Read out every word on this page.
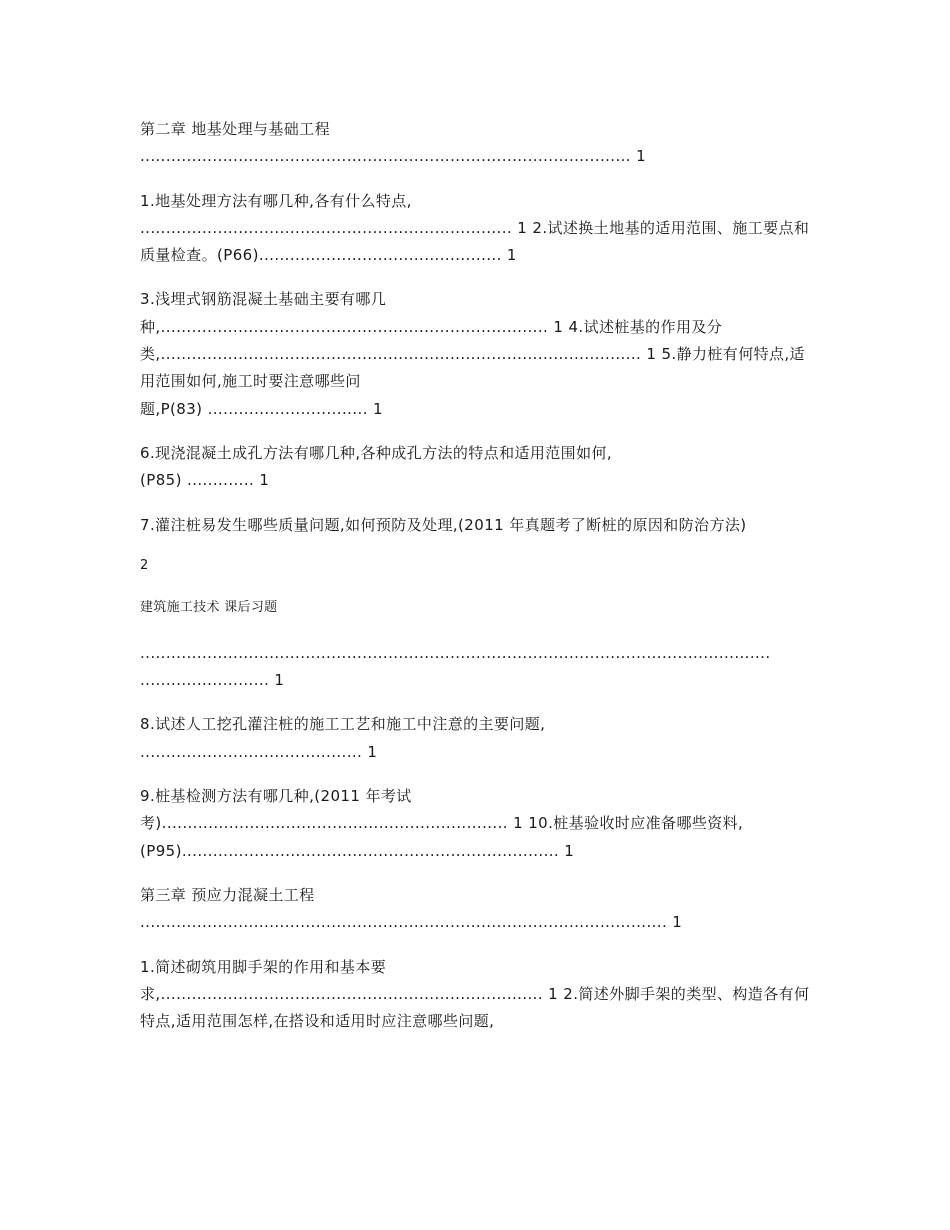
第二章 地基处理与基础工程
............................................................................................... 1

1.地基处理方法有哪几种,各有什么特点,
........................................................................ 1 2.试述换土地基的适用范围、施工要点和质量检查。(P66)............................................... 1

3.浅埋式钢筋混凝土基础主要有哪几
种,........................................................................... 1 4.试述桩基的作用及分类,............................................................................................. 1 5.静力桩有何特点,适用范围如何,施工时要注意哪些问
题,P(83) ............................... 1

6.现浇混凝土成孔方法有哪几种,各种成孔方法的特点和适用范围如何,
(P85) ............. 1

7.灌注桩易发生哪些质量问题,如何预防及处理,(2011 年真题考了断桩的原因和防治方法)

2

建筑施工技术 课后习题

..........................................................................................................................
......................... 1

8.试述人工挖孔灌注桩的施工工艺和施工中注意的主要问题,
........................................... 1

9.桩基检测方法有哪几种,(2011 年考试
考)................................................................... 1 10.桩基验收时应准备哪些资料,(P95)......................................................................... 1

第三章 预应力混凝土工程
...................................................................................................... 1

1.简述砌筑用脚手架的作用和基本要
求,.......................................................................... 1 2.简述外脚手架的类型、构造各有何特点,适用范围怎样,在搭设和适用时应注意哪些问题,
